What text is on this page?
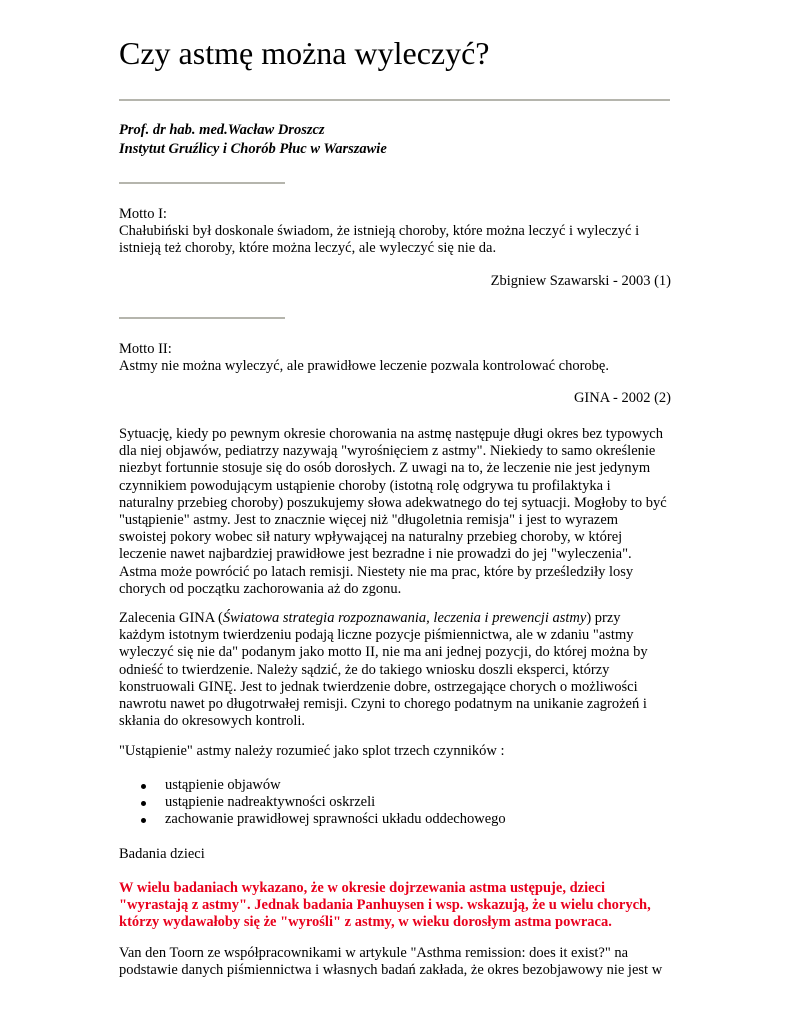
Czy astmę można wyleczyć?
Prof. dr hab. med.Wacław Droszcz
Instytut Gruźlicy i Chorób Płuc w Warszawie
Motto I:
Chałubiński był doskonale świadom, że istnieją choroby, które można leczyć i wyleczyć i
istnieją też choroby, które można leczyć, ale wyleczyć się nie da.
Zbigniew Szawarski - 2003 (1)
Motto II:
Astmy nie można wyleczyć, ale prawidłowe leczenie pozwala kontrolować chorobę.
GINA - 2002 (2)
Sytuację, kiedy po pewnym okresie chorowania na astmę następuje długi okres bez typowych
dla niej objawów, pediatrzy nazywają "wyrośnięciem z astmy". Niekiedy to samo określenie
niezbyt fortunnie stosuje się do osób dorosłych. Z uwagi na to, że leczenie nie jest jedynym
czynnikiem powodującym ustąpienie choroby (istotną rolę odgrywa tu profilaktyka i
naturalny przebieg choroby) poszukujemy słowa adekwatnego do tej sytuacji. Mogłoby to być
"ustąpienie" astmy. Jest to znacznie więcej niż "długoletnia remisja" i jest to wyrazem
swoistej pokory wobec sił natury wpływającej na naturalny przebieg choroby, w której
leczenie nawet najbardziej prawidłowe jest bezradne i nie prowadzi do jej "wyleczenia".
Astma może powrócić po latach remisji. Niestety nie ma prac, które by prześledziły losy
chorych od początku zachorowania aż do zgonu.
Zalecenia GINA (Światowa strategia rozpoznawania, leczenia i prewencji astmy) przy
każdym istotnym twierdzeniu podają liczne pozycje piśmiennictwa, ale w zdaniu "astmy
wyleczyć się nie da" podanym jako motto II, nie ma ani jednej pozycji, do której można by
odnieść to twierdzenie. Należy sądzić, że do takiego wniosku doszli eksperci, którzy
konstruowali GINĘ. Jest to jednak twierdzenie dobre, ostrzegające chorych o możliwości
nawrotu nawet po długotrwałej remisji. Czyni to chorego podatnym na unikanie zagrożeń i
skłania do okresowych kontroli.
"Ustąpienie" astmy należy rozumieć jako splot trzech czynników :
ustąpienie objawów
ustąpienie nadreaktywności oskrzeli
zachowanie prawidłowej sprawności układu oddechowego
Badania dzieci
W wielu badaniach wykazano, że w okresie dojrzewania astma ustępuje, dzieci
"wyrastają z astmy". Jednak badania Panhuysen i wsp. wskazują, że u wielu chorych,
którzy wydawałoby się że "wyrośli" z astmy, w wieku dorosłym astma powraca.
Van den Toorn ze współpracownikami w artykule "Asthma remission: does it exist?" na
podstawie danych piśmiennictwa i własnych badań zakłada, że okres bezobjawowy nie jest w
